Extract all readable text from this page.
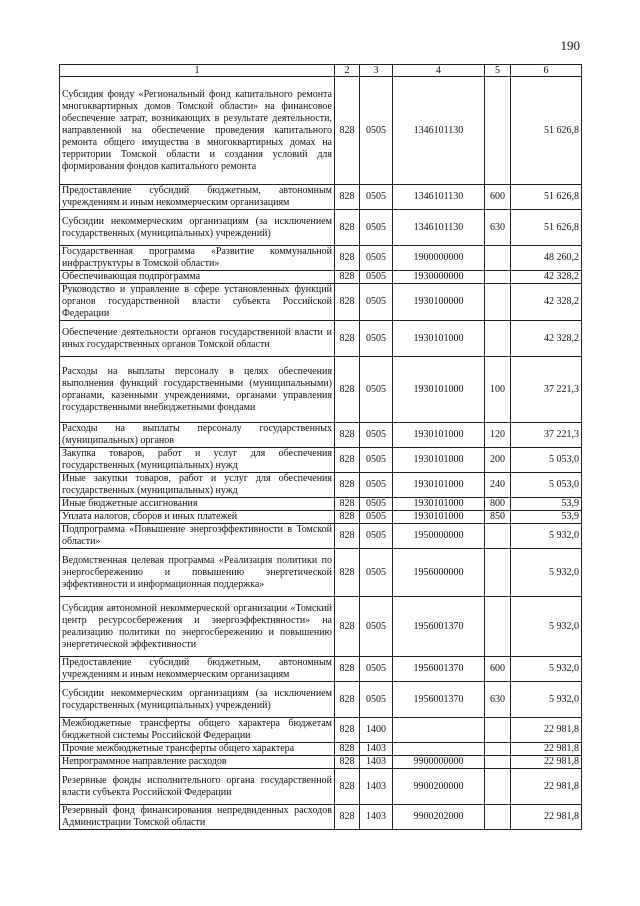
190
1	2	3	4	5	6
Субсидия фонду «Региональный фонд капитального ремонта многоквартирных домов Томской области» на финансовое обеспечение затрат, возникающих в результате деятельности, направленной на обеспечение проведения капитального ремонта общего имущества в многоквартирных домах на территории Томской области и создания условий для формирования фондов капитального ремонта	828	0505	1346101130		51 626,8
Предоставление субсидий бюджетным, автономным учреждениям и иным некоммерческим организациям	828	0505	1346101130	600	51 626,8
Субсидии некоммерческим организациям (за исключением государственных (муниципальных) учреждений)	828	0505	1346101130	630	51 626,8
Государственная программа «Развитие коммунальной инфраструктуры в Томской области»	828	0505	1900000000		48 260,2
Обеспечивающая подпрограмма	828	0505	1930000000		42 328,2
Руководство и управление в сфере установленных функций органов государственной власти субъекта Российской Федерации	828	0505	1930100000		42 328,2
Обеспечение деятельности органов государственной власти и иных государственных органов Томской области	828	0505	1930101000		42 328,2
Расходы на выплаты персоналу в целях обеспечения выполнения функций государственными (муниципальными) органами, казенными учреждениями, органами управления государственными внебюджетными фондами	828	0505	1930101000	100	37 221,3
Расходы на выплаты персоналу государственных (муниципальных) органов	828	0505	1930101000	120	37 221,3
Закупка товаров, работ и услуг для обеспечения государственных (муниципальных) нужд	828	0505	1930101000	200	5 053,0
Иные закупки товаров, работ и услуг для обеспечения государственных (муниципальных) нужд	828	0505	1930101000	240	5 053,0
Иные бюджетные ассигнования	828	0505	1930101000	800	53,9
Уплата налогов, сборов и иных платежей	828	0505	1930101000	850	53,9
Подпрограмма «Повышение энергоэффективности в Томской области»	828	0505	1950000000		5 932,0
Ведомственная целевая программа «Реализация политики по энергосбережению и повышению энергетической эффективности и информационная поддержка»	828	0505	1956000000		5 932,0
Субсидия автономной некоммерческой организации «Томский центр ресурсосбережения и энергоэффективности» на реализацию политики по энергосбережению и повышению энергетической эффективности	828	0505	1956001370		5 932,0
Предоставление субсидий бюджетным, автономным учреждениям и иным некоммерческим организациям	828	0505	1956001370	600	5 932,0
Субсидии некоммерческим организациям (за исключением государственных (муниципальных) учреждений)	828	0505	1956001370	630	5 932,0
Межбюджетные трансферты общего характера бюджетам бюджетной системы Российской Федерации	828	1400			22 981,8
Прочие межбюджетные трансферты общего характера	828	1403			22 981,8
Непрограммное направление расходов	828	1403	9900000000		22 981,8
Резервные фонды исполнительного органа государственной власти субъекта Российской Федерации	828	1403	9900200000		22 981,8
Резервный фонд финансирования непредвиденных расходов Администрации Томской области	828	1403	9900202000		22 981,8
